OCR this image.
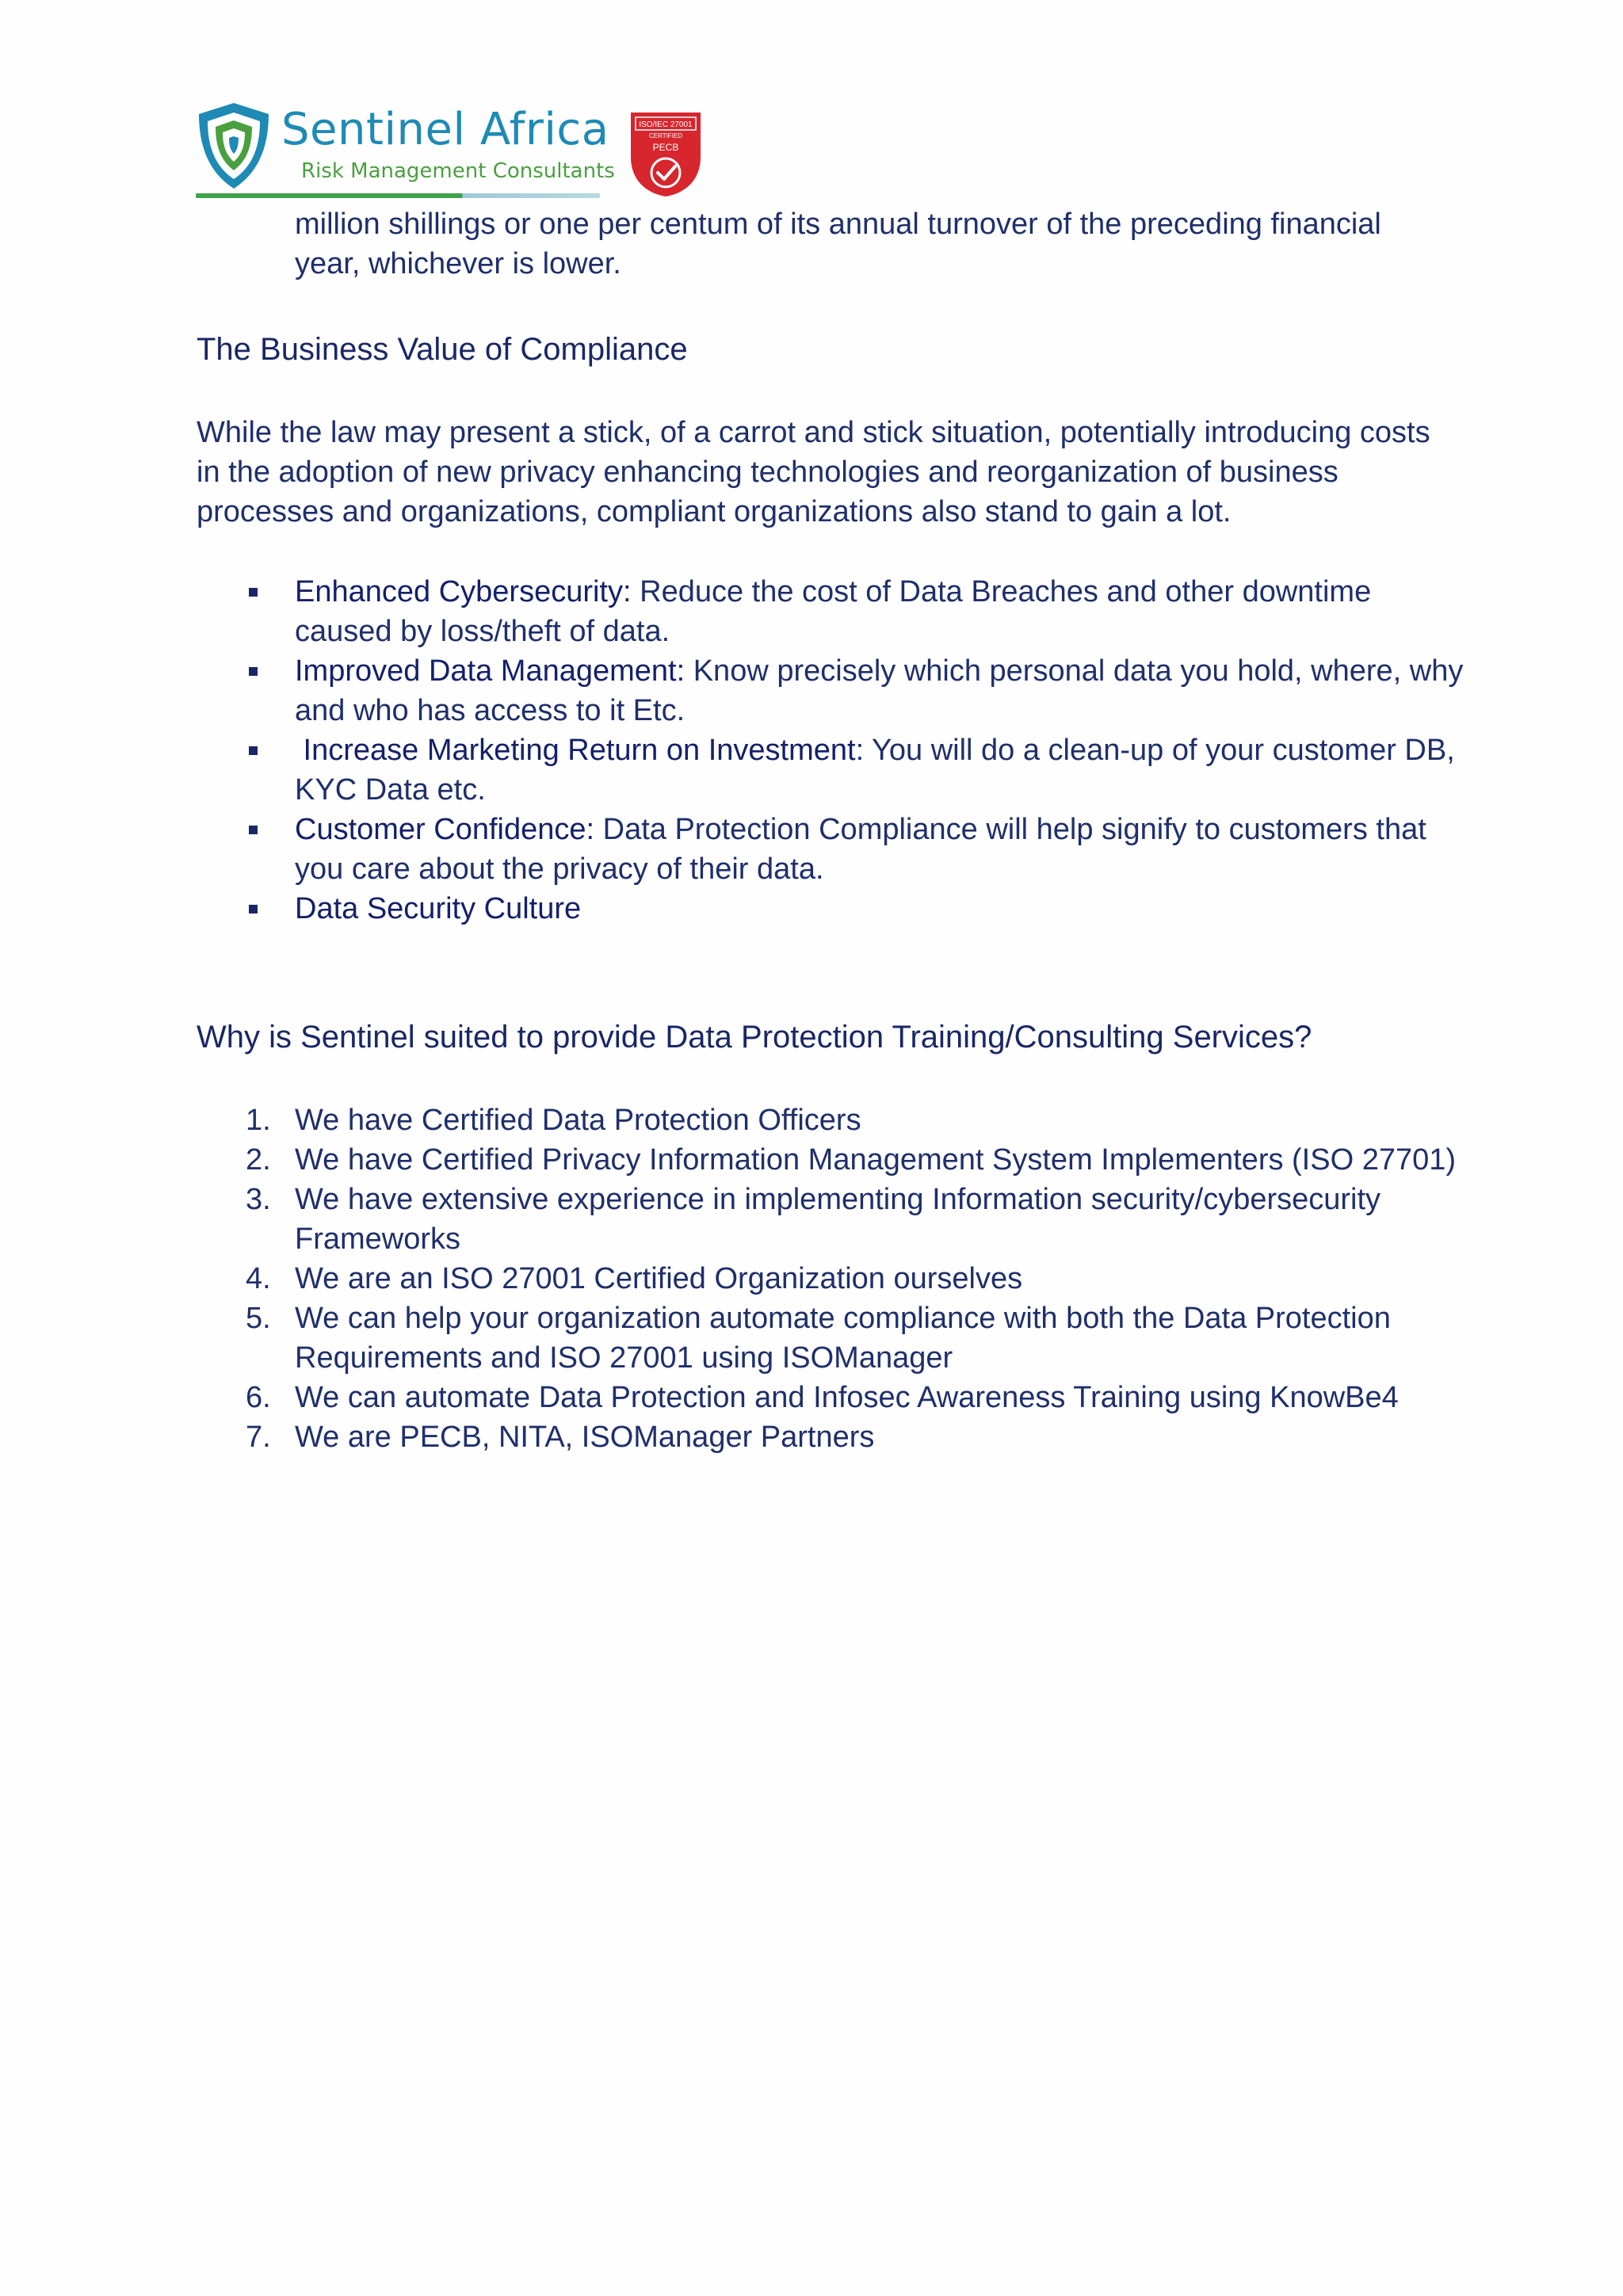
Sentinel Africa
Risk Management Consultants
ISO/IEC 27001
CERTIFIED
PECB
million shillings or one per centum of its annual turnover of the preceding financial year, whichever is lower.
The Business Value of Compliance
While the law may present a stick, of a carrot and stick situation, potentially introducing costs in the adoption of new privacy enhancing technologies and reorganization of business processes and organizations, compliant organizations also stand to gain a lot.
Enhanced Cybersecurity: Reduce the cost of Data Breaches and other downtime caused by loss/theft of data.
Improved Data Management: Know precisely which personal data you hold, where, why and who has access to it Etc.
Increase Marketing Return on Investment: You will do a clean-up of your customer DB, KYC Data etc.
Customer Confidence: Data Protection Compliance will help signify to customers that you care about the privacy of their data.
Data Security Culture
Why is Sentinel suited to provide Data Protection Training/Consulting Services?
1. We have Certified Data Protection Officers
2. We have Certified Privacy Information Management System Implementers (ISO 27701)
3. We have extensive experience in implementing Information security/cybersecurity Frameworks
4. We are an ISO 27001 Certified Organization ourselves
5. We can help your organization automate compliance with both the Data Protection Requirements and ISO 27001 using ISOManager
6. We can automate Data Protection and Infosec Awareness Training using KnowBe4
7. We are PECB, NITA, ISOManager Partners
